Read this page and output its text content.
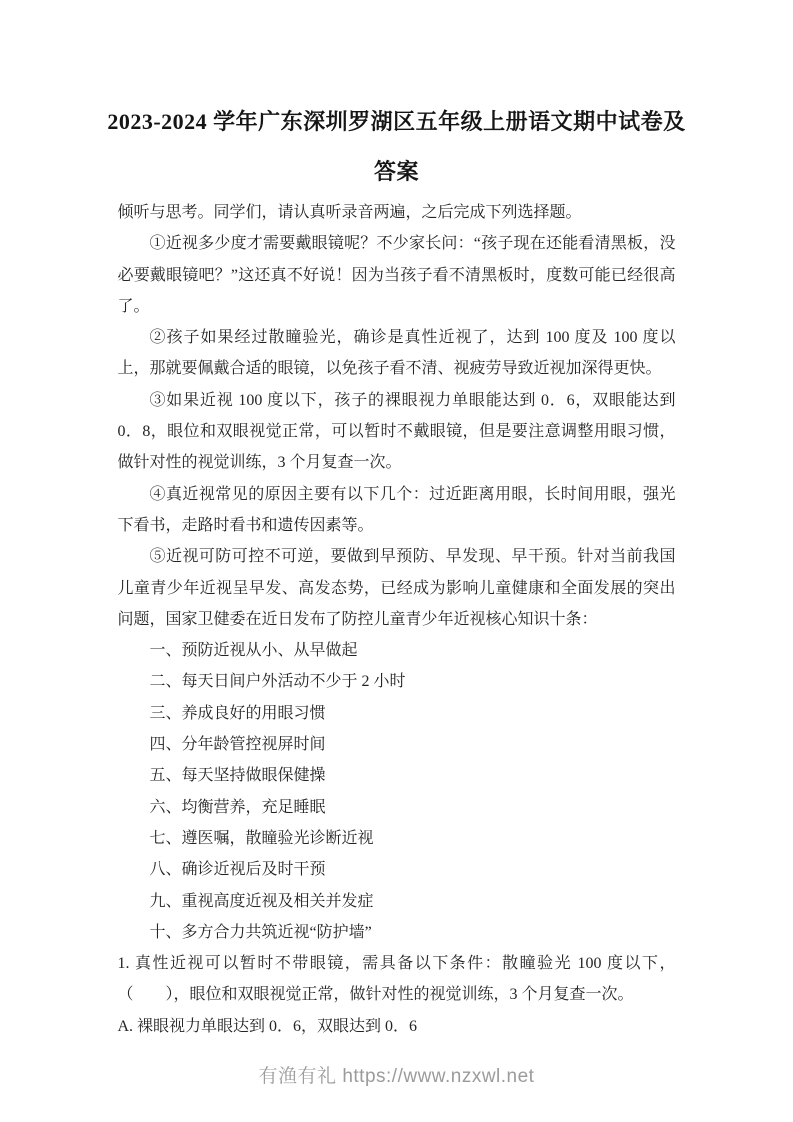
2023-2024 学年广东深圳罗湖区五年级上册语文期中试卷及
答案

倾听与思考。同学们，请认真听录音两遍，之后完成下列选择题。

①近视多少度才需要戴眼镜呢？不少家长问：“孩子现在还能看清黑板，没必要戴眼镜吧？”这还真不好说！因为当孩子看不清黑板时，度数可能已经很高了。

②孩子如果经过散瞳验光，确诊是真性近视了，达到 100 度及 100 度以上，那就要佩戴合适的眼镜，以免孩子看不清、视疲劳导致近视加深得更快。

③如果近视 100 度以下，孩子的裸眼视力单眼能达到 0．6，双眼能达到 0．8，眼位和双眼视觉正常，可以暂时不戴眼镜，但是要注意调整用眼习惯，做针对性的视觉训练，3 个月复查一次。

④真近视常见的原因主要有以下几个：过近距离用眼，长时间用眼，强光下看书，走路时看书和遗传因素等。

⑤近视可防可控不可逆，要做到早预防、早发现、早干预。针对当前我国儿童青少年近视呈早发、高发态势，已经成为影响儿童健康和全面发展的突出问题，国家卫健委在近日发布了防控儿童青少年近视核心知识十条：

一、预防近视从小、从早做起

二、每天日间户外活动不少于 2 小时

三、养成良好的用眼习惯

四、分年龄管控视屏时间

五、每天坚持做眼保健操

六、均衡营养，充足睡眠

七、遵医嘱，散瞳验光诊断近视

八、确诊近视后及时干预

九、重视高度近视及相关并发症

十、多方合力共筑近视“防护墙”

1. 真性近视可以暂时不带眼镜，需具备以下条件：散瞳验光 100 度以下，（　　），眼位和双眼视觉正常，做针对性的视觉训练，3 个月复查一次。

A. 裸眼视力单眼达到 0．6，双眼达到 0．6

有渔有礼 https://www.nzxwl.net
